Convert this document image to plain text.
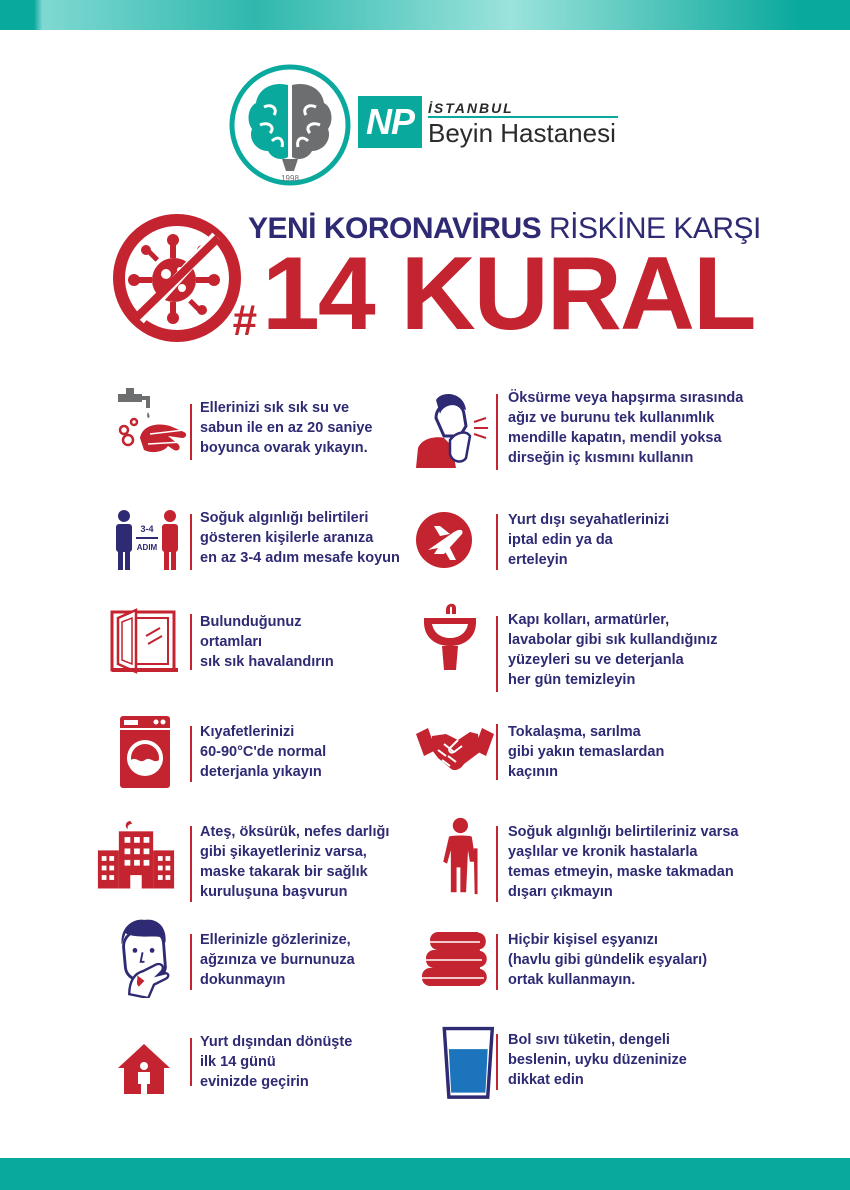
1998
NP	İSTANBUL
Beyin Hastanesi
YENİ KORONAVİRUS RİSKİNE KARŞI
# 14 KURAL
Ellerinizi sık sık su ve
sabun ile en az 20 saniye
boyunca ovarak yıkayın.
Öksürme veya hapşırma sırasında
ağız ve burunu tek kullanımlık
mendille kapatın, mendil yoksa
dirseğin iç kısmını kullanın
3-4
ADIM
Soğuk algınlığı belirtileri
gösteren kişilerle aranıza
en az 3-4 adım mesafe koyun
Yurt dışı seyahatlerinizi
iptal edin ya da
erteleyin
Bulunduğunuz
ortamları
sık sık havalandırın
Kapı kolları, armatürler,
lavabolar gibi sık kullandığınız
yüzeyleri su ve deterjanla
her gün temizleyin
Kıyafetlerinizi
60-90°C'de normal
deterjanla yıkayın
Tokalaşma, sarılma
gibi yakın temaslardan
kaçının
Ateş, öksürük, nefes darlığı
gibi şikayetleriniz varsa,
maske takarak bir sağlık
kuruluşuna başvurun
Soğuk algınlığı belirtileriniz varsa
yaşlılar ve kronik hastalarla
temas etmeyin, maske takmadan
dışarı çıkmayın
Ellerinizle gözlerinize,
ağzınıza ve burnunuza
dokunmayın
Hiçbir kişisel eşyanızı
(havlu gibi gündelik eşyaları)
ortak kullanmayın.
Yurt dışından dönüşte
ilk 14 günü
evinizde geçirin
Bol sıvı tüketin, dengeli
beslenin, uyku düzeninize
dikkat edin
